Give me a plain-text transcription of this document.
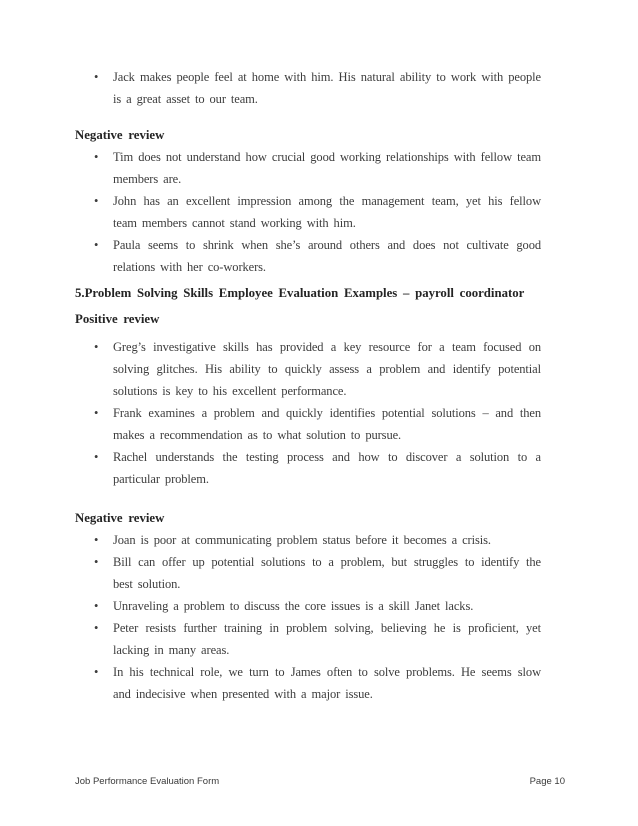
• Jack makes people feel at home with him. His natural ability to work with people is a great asset to our team.
Negative review
• Tim does not understand how crucial good working relationships with fellow team members are.
• John has an excellent impression among the management team, yet his fellow team members cannot stand working with him.
• Paula seems to shrink when she’s around others and does not cultivate good relations with her co-workers.
5.Problem Solving Skills Employee Evaluation Examples – payroll coordinator
Positive review
• Greg’s investigative skills has provided a key resource for a team focused on solving glitches. His ability to quickly assess a problem and identify potential solutions is key to his excellent performance.
• Frank examines a problem and quickly identifies potential solutions – and then makes a recommendation as to what solution to pursue.
• Rachel understands the testing process and how to discover a solution to a particular problem.
Negative review
• Joan is poor at communicating problem status before it becomes a crisis.
• Bill can offer up potential solutions to a problem, but struggles to identify the best solution.
• Unraveling a problem to discuss the core issues is a skill Janet lacks.
• Peter resists further training in problem solving, believing he is proficient, yet lacking in many areas.
• In his technical role, we turn to James often to solve problems. He seems slow and indecisive when presented with a major issue.
Job Performance Evaluation Form	Page 10
